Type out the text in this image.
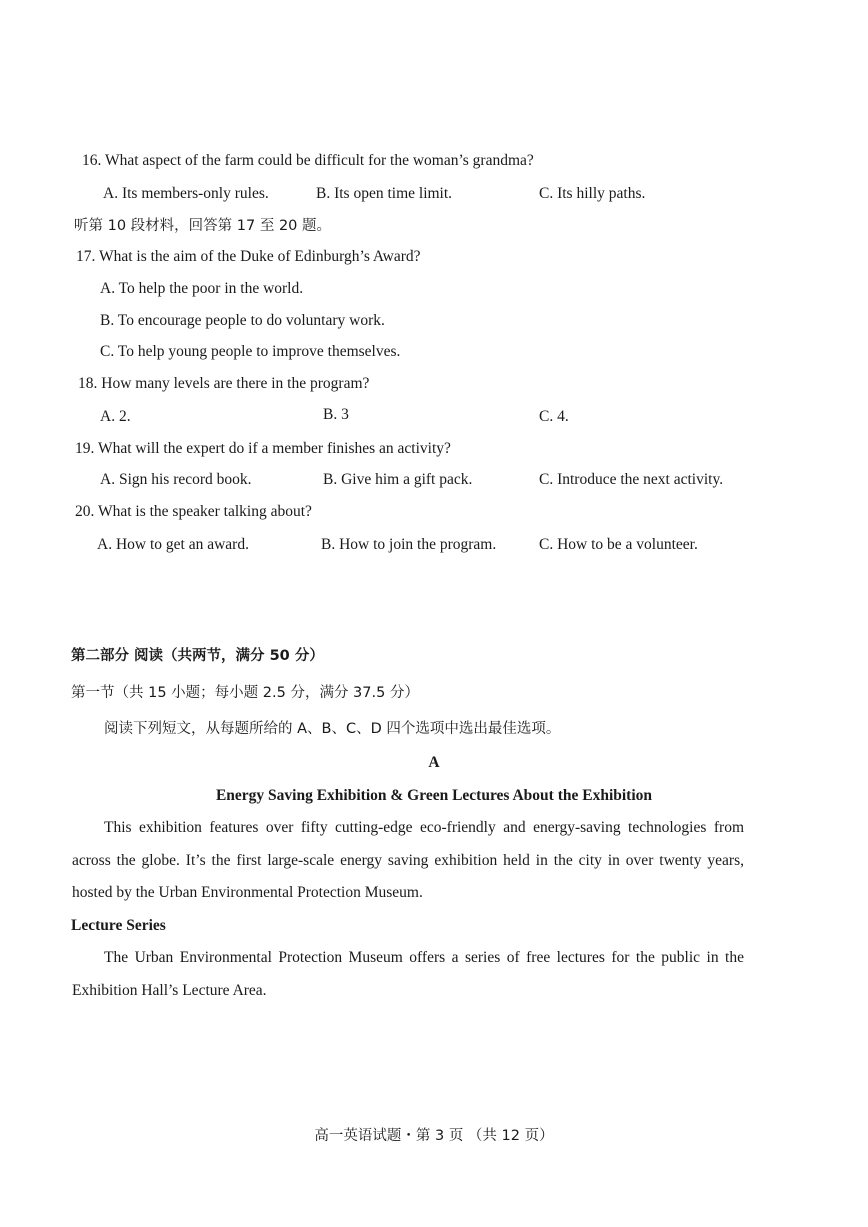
16. What aspect of the farm could be difficult for the woman’s grandma?
A. Its members-only rules.	B. Its open time limit.	C. Its hilly paths.
听第 10 段材料，回答第 17 至 20 题。
17. What is the aim of the Duke of Edinburgh’s Award?
A. To help the poor in the world.
B. To encourage people to do voluntary work.
C. To help young people to improve themselves.
18. How many levels are there in the program?
A. 2.	B. 3	C. 4.
19. What will the expert do if a member finishes an activity?
A. Sign his record book.	B. Give him a gift pack.	C. Introduce the next activity.
20. What is the speaker talking about?
A. How to get an award.	B. How to join the program.	C. How to be a volunteer.
第二部分 阅读（共两节，满分 50 分）
第一节（共 15 小题；每小题 2.5 分，满分 37.5 分）
阅读下列短文，从每题所给的 A、B、C、D 四个选项中选出最佳选项。
A
Energy Saving Exhibition & Green Lectures About the Exhibition

This exhibition features over fifty cutting-edge eco-friendly and energy-saving technologies from across the globe. It’s the first large-scale energy saving exhibition held in the city in over twenty years, hosted by the Urban Environmental Protection Museum.

Lecture Series

The Urban Environmental Protection Museum offers a series of free lectures for the public in the Exhibition Hall’s Lecture Area.

高一英语试题・第 3 页 （共 12 页）
